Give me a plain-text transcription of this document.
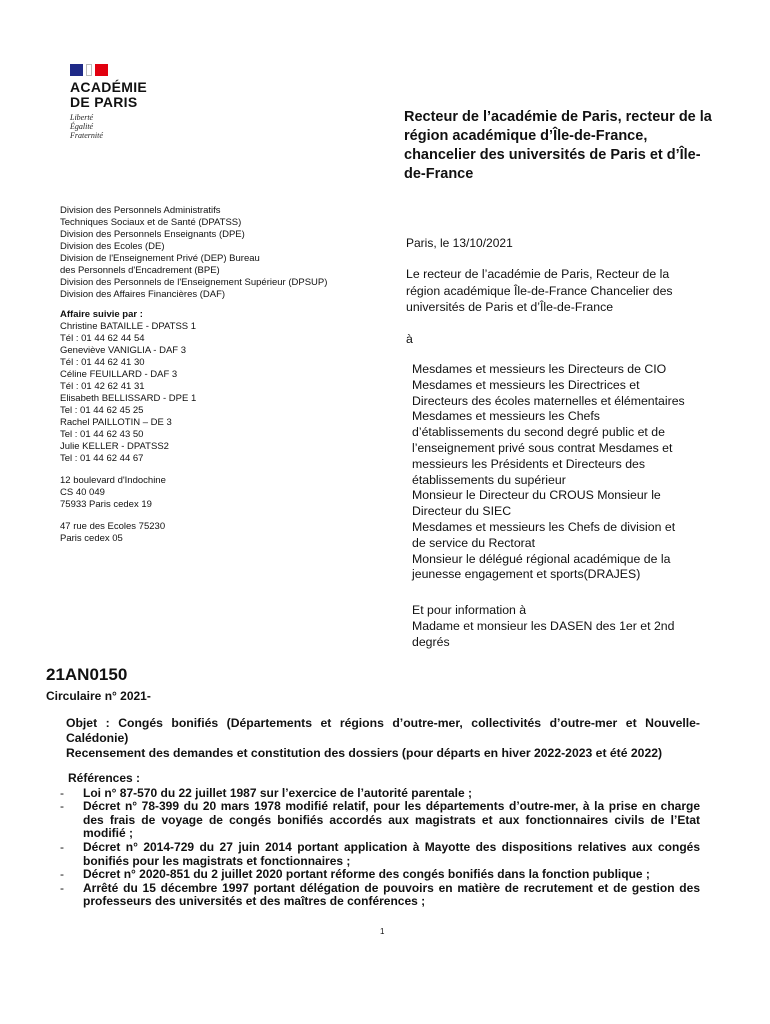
ACADÉMIE
DE PARIS
Liberté
Égalité
Fraternité
Recteur de l’académie de Paris, recteur de la région académique d’Île-de-France, chancelier des universités de Paris et d’Île-de-France
Division des Personnels Administratifs
Techniques Sociaux et de Santé (DPATSS)
Division des Personnels Enseignants (DPE)
Division des Ecoles (DE)
Division de l'Enseignement Privé (DEP) Bureau
des Personnels d'Encadrement (BPE)
Division des Personnels de l'Enseignement Supérieur (DPSUP)
Division des Affaires Financières (DAF)
Affaire suivie par :
Christine BATAILLE - DPATSS 1
Tél : 01 44 62 44 54
Geneviève VANIGLIA - DAF 3
Tél : 01 44 62 41 30
Céline FEUILLARD - DAF 3
Tél : 01 42 62 41 31
Elisabeth BELLISSARD - DPE 1
Tel : 01 44 62 45 25
Rachel PAILLOTIN – DE 3
Tel : 01 44 62 43 50
Julie KELLER - DPATSS2
Tel : 01 44 62 44 67
12 boulevard d'Indochine
CS 40 049
75933 Paris cedex 19
47 rue des Ecoles 75230
Paris cedex 05
Paris, le 13/10/2021
Le recteur de l’académie de Paris, Recteur de la région académique Île-de-France Chancelier des universités de Paris et d’Île-de-France
à
Mesdames et messieurs les Directeurs de CIO
Mesdames et messieurs les Directrices et
Directeurs des écoles maternelles et élémentaires
Mesdames et messieurs les Chefs
d’établissements du second degré public et de
l’enseignement privé sous contrat Mesdames et
messieurs les Présidents et Directeurs des
établissements du supérieur
Monsieur le Directeur du CROUS Monsieur le
Directeur du SIEC
Mesdames et messieurs les Chefs de division et
de service du Rectorat
Monsieur le délégué régional académique de la
jeunesse engagement et sports(DRAJES)
Et pour information à
Madame et monsieur les DASEN des 1er et 2nd
degrés
21AN0150
Circulaire n° 2021-
Objet : Congés bonifiés (Départements et régions d’outre-mer, collectivités d’outre-mer et Nouvelle-Calédonie)
Recensement des demandes et constitution des dossiers (pour départs en hiver 2022-2023 et été 2022)
Références :
- Loi n° 87-570 du 22 juillet 1987 sur l’exercice de l’autorité parentale ;
- Décret n° 78-399 du 20 mars 1978 modifié relatif, pour les départements d’outre-mer, à la prise en charge des frais de voyage de congés bonifiés accordés aux magistrats et aux fonctionnaires civils de l’Etat modifié ;
- Décret n° 2014-729 du 27 juin 2014 portant application à Mayotte des dispositions relatives aux congés bonifiés pour les magistrats et fonctionnaires ;
- Décret n° 2020-851 du 2 juillet 2020 portant réforme des congés bonifiés dans la fonction publique ;
- Arrêté du 15 décembre 1997 portant délégation de pouvoirs en matière de recrutement et de gestion des professeurs des universités et des maîtres de conférences ;
1
